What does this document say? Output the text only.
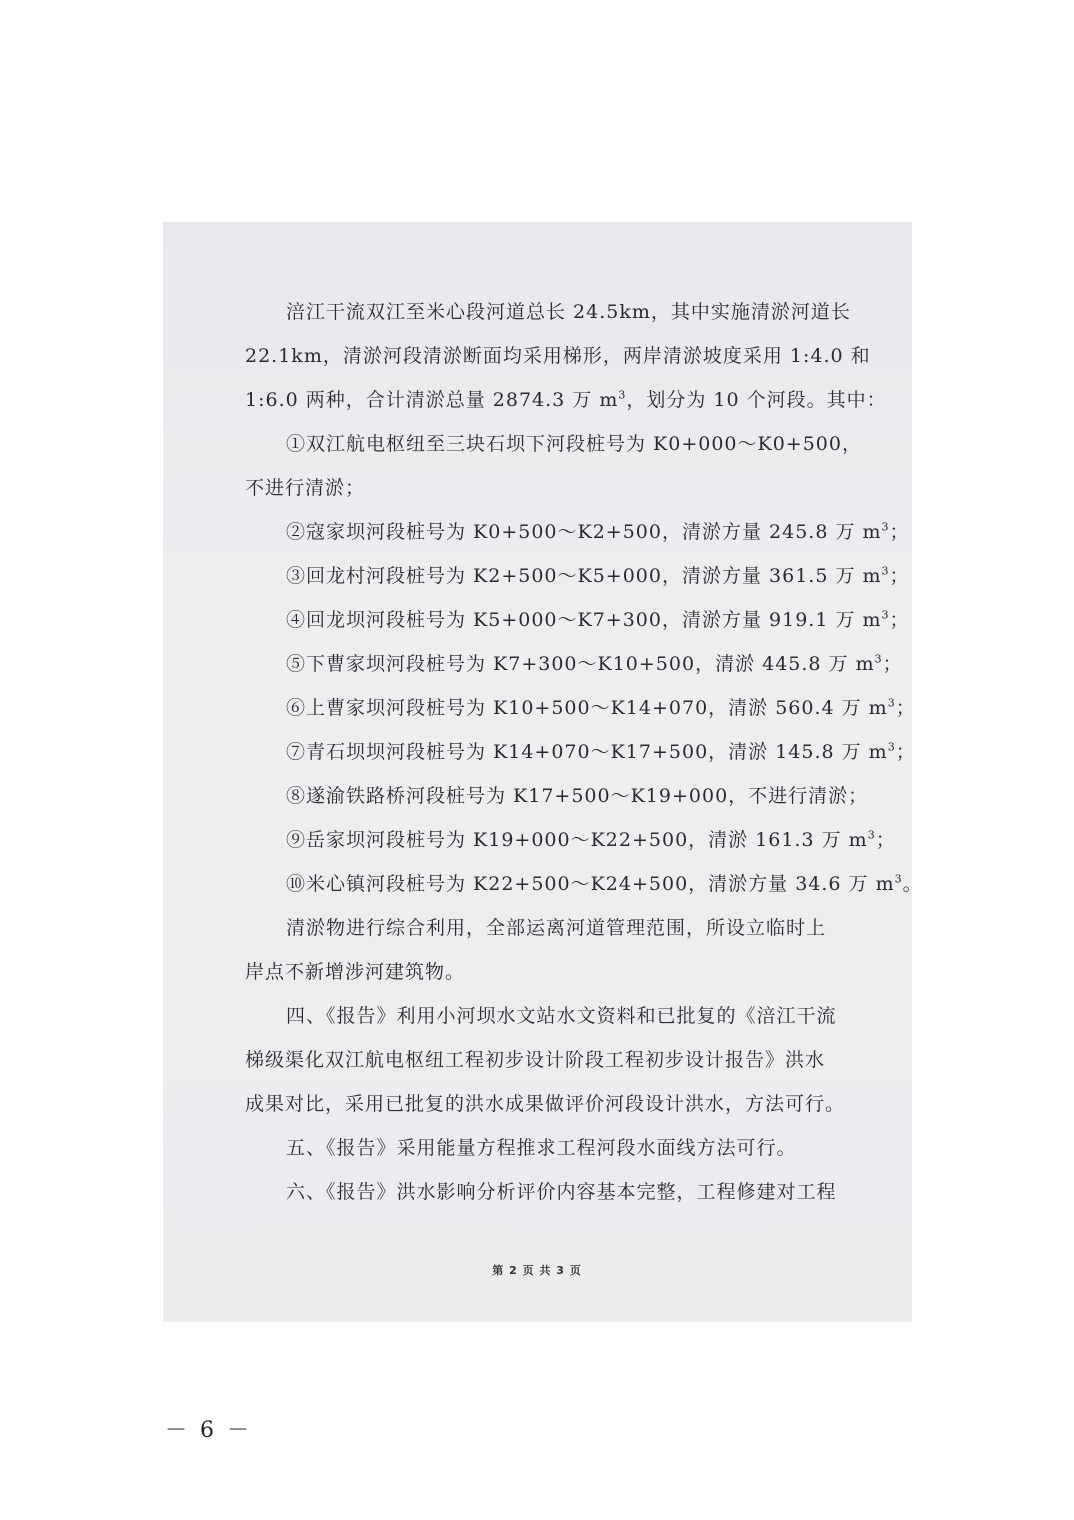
涪江干流双江至米心段河道总长 24.5km，其中实施清淤河道长
22.1km，清淤河段清淤断面均采用梯形，两岸清淤坡度采用 1:4.0 和
1:6.0 两种，合计清淤总量 2874.3 万 $m^3$，划分为 10 个河段。其中：
①双江航电枢纽至三块石坝下河段桩号为 K0+000～K0+500，
不进行清淤；
②寇家坝河段桩号为 K0+500～K2+500，清淤方量 245.8 万 $m^3$；
③回龙村河段桩号为 K2+500～K5+000，清淤方量 361.5 万 $m^3$；
④回龙坝河段桩号为 K5+000～K7+300，清淤方量 919.1 万 $m^3$；
⑤下曹家坝河段桩号为 K7+300～K10+500，清淤 445.8 万 $m^3$；
⑥上曹家坝河段桩号为 K10+500～K14+070，清淤 560.4 万 $m^3$；
⑦青石坝坝河段桩号为 K14+070～K17+500，清淤 145.8 万 $m^3$；
⑧遂渝铁路桥河段桩号为 K17+500～K19+000，不进行清淤；
⑨岳家坝河段桩号为 K19+000～K22+500，清淤 161.3 万 $m^3$；
⑩米心镇河段桩号为 K22+500～K24+500，清淤方量 34.6 万 $m^3$。
清淤物进行综合利用，全部运离河道管理范围，所设立临时上
岸点不新增涉河建筑物。
四、《报告》利用小河坝水文站水文资料和已批复的《涪江干流
梯级渠化双江航电枢纽工程初步设计阶段工程初步设计报告》洪水
成果对比，采用已批复的洪水成果做评价河段设计洪水，方法可行。
五、《报告》采用能量方程推求工程河段水面线方法可行。
六、《报告》洪水影响分析评价内容基本完整，工程修建对工程
第 2 页 共 3 页
－ 6 －
